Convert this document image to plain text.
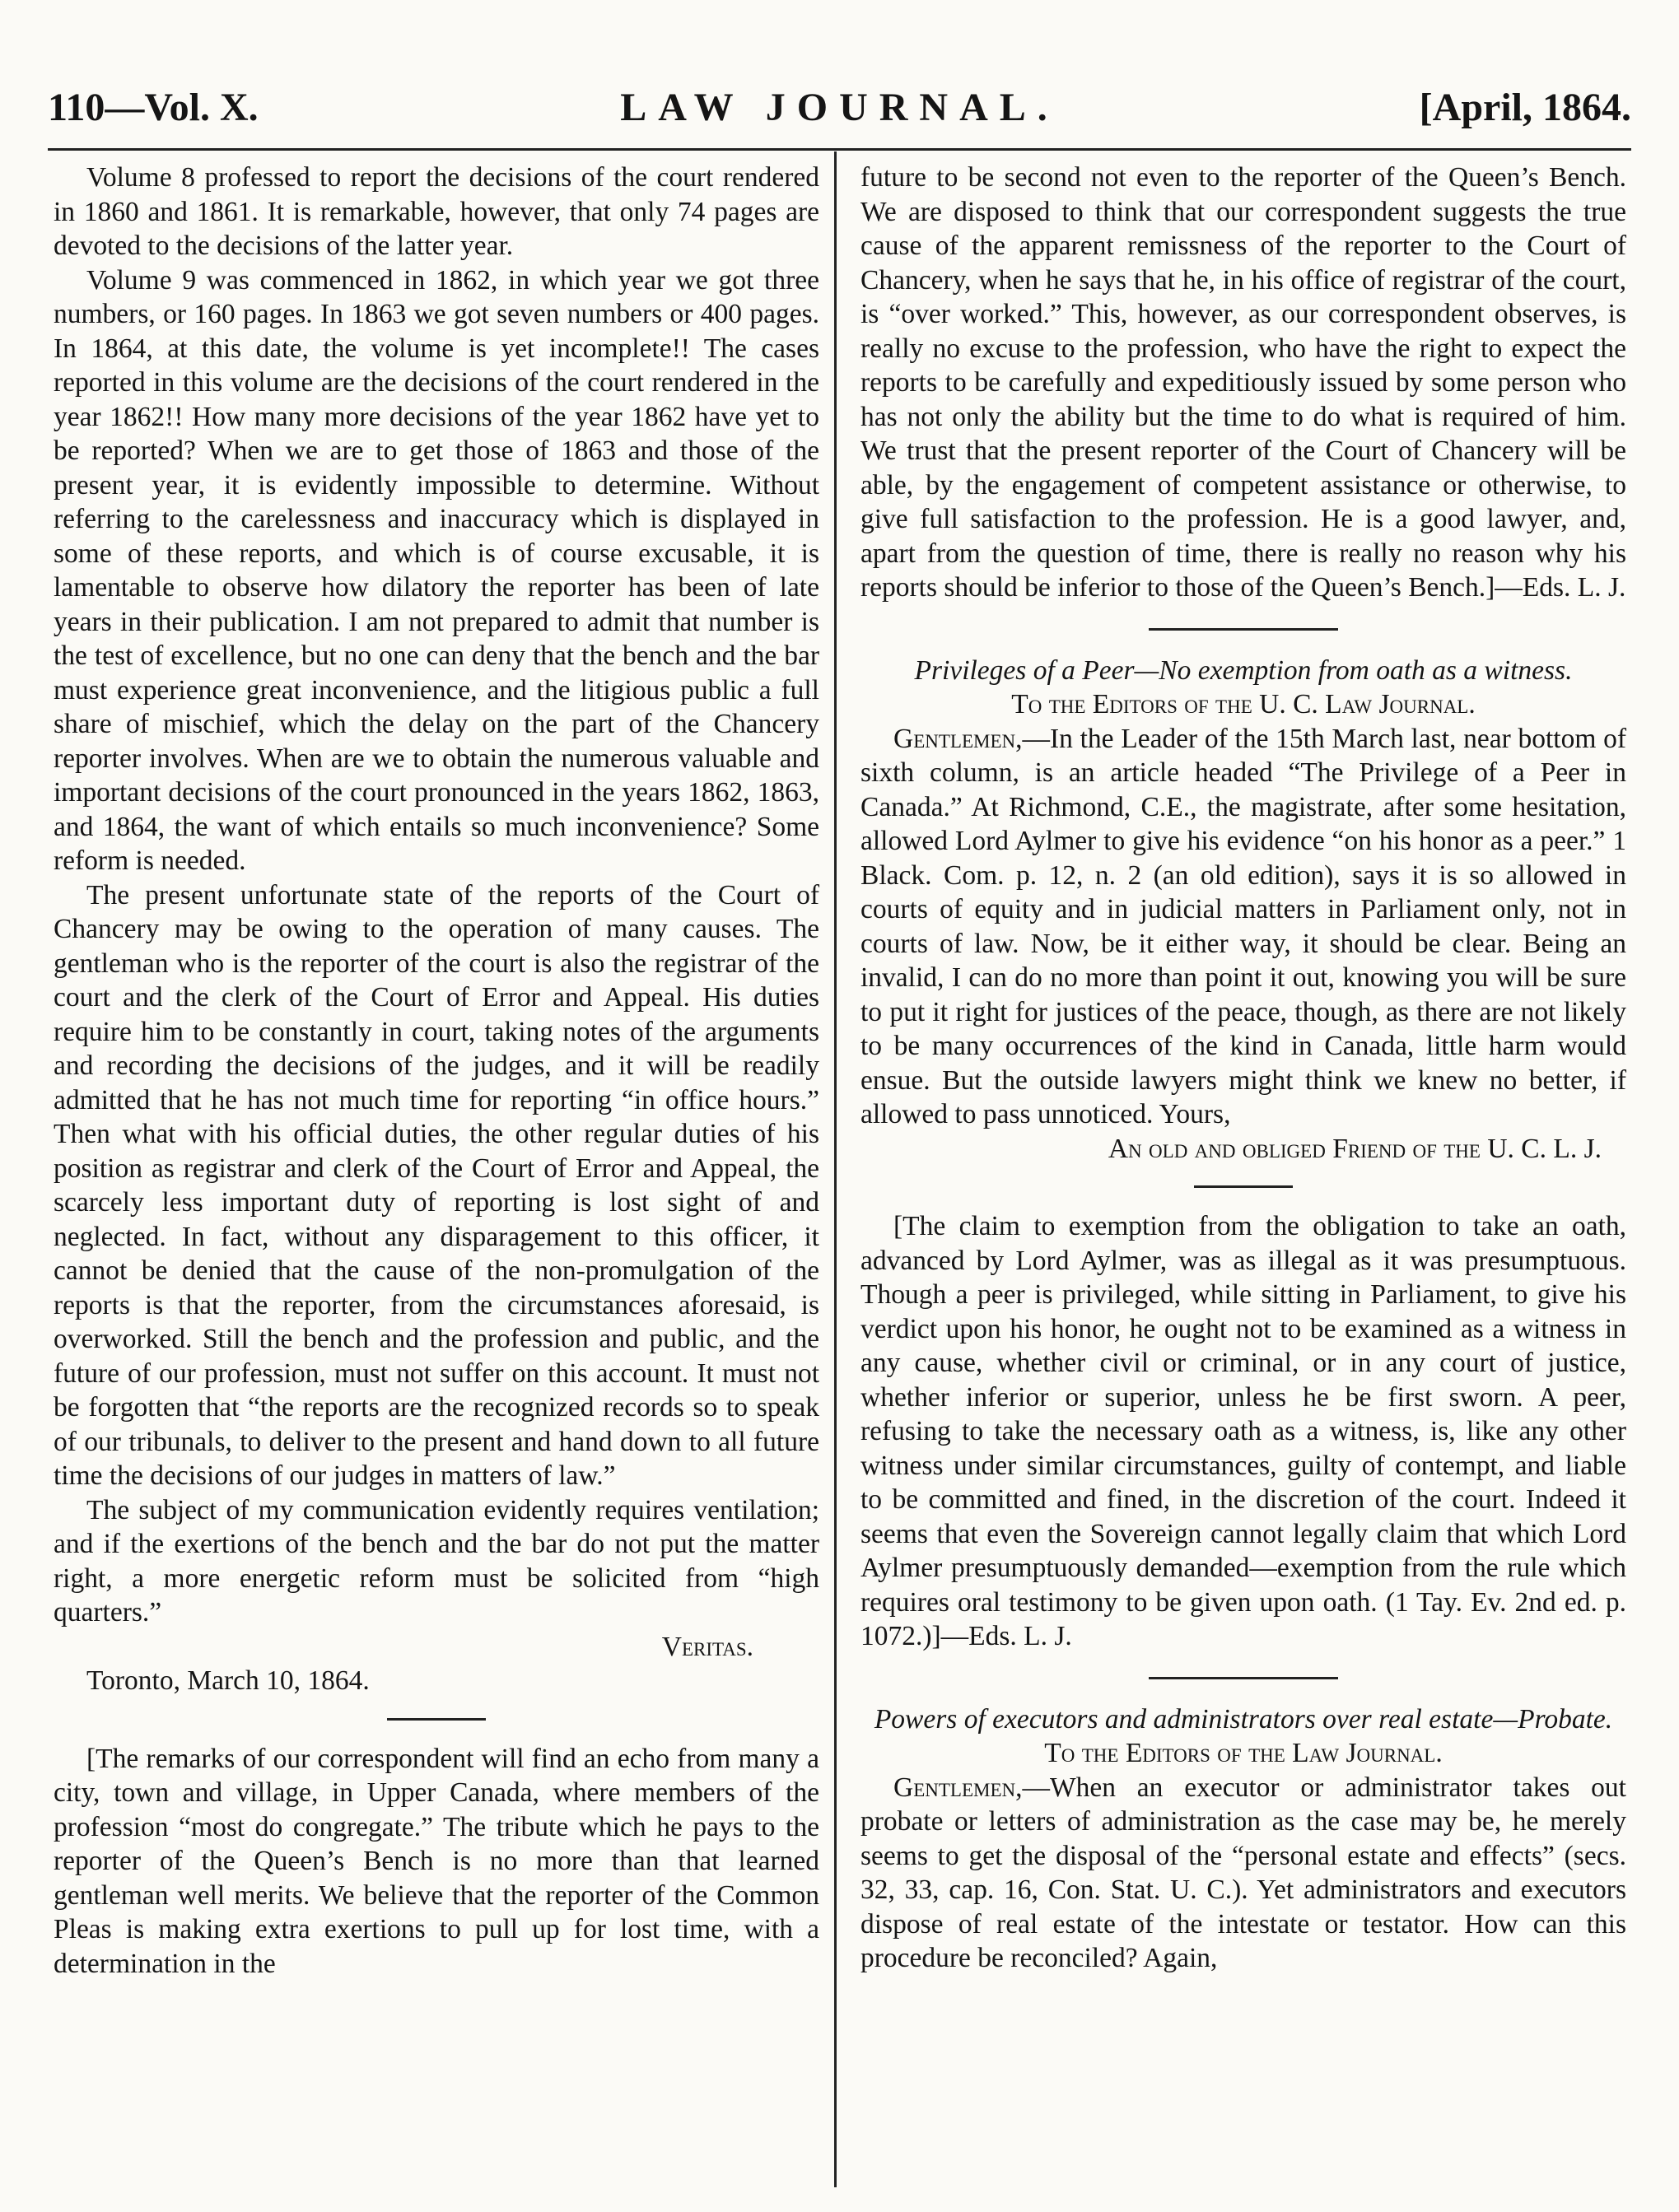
110—Vol. X.	LAW JOURNAL.	[April, 1864.

Volume 8 professed to report the decisions of the court rendered in 1860 and 1861. It is remarkable, however, that only 74 pages are devoted to the decisions of the latter year.

Volume 9 was commenced in 1862, in which year we got three numbers, or 160 pages. In 1863 we got seven numbers or 400 pages. In 1864, at this date, the volume is yet incomplete!! The cases reported in this volume are the decisions of the court rendered in the year 1862!! How many more decisions of the year 1862 have yet to be reported? When we are to get those of 1863 and those of the present year, it is evidently impossible to determine. Without referring to the carelessness and inaccuracy which is displayed in some of these reports, and which is of course excusable, it is lamentable to observe how dilatory the reporter has been of late years in their publication. I am not prepared to admit that number is the test of excellence, but no one can deny that the bench and the bar must experience great inconvenience, and the litigious public a full share of mischief, which the delay on the part of the Chancery reporter involves. When are we to obtain the numerous valuable and important decisions of the court pronounced in the years 1862, 1863, and 1864, the want of which entails so much inconvenience? Some reform is needed.

The present unfortunate state of the reports of the Court of Chancery may be owing to the operation of many causes. The gentleman who is the reporter of the court is also the registrar of the court and the clerk of the Court of Error and Appeal. His duties require him to be constantly in court, taking notes of the arguments and recording the decisions of the judges, and it will be readily admitted that he has not much time for reporting “in office hours.” Then what with his official duties, the other regular duties of his position as registrar and clerk of the Court of Error and Appeal, the scarcely less important duty of reporting is lost sight of and neglected. In fact, without any disparagement to this officer, it cannot be denied that the cause of the non-promulgation of the reports is that the reporter, from the circumstances aforesaid, is overworked. Still the bench and the profession and public, and the future of our profession, must not suffer on this account. It must not be forgotten that “the reports are the recognized records so to speak of our tribunals, to deliver to the present and hand down to all future time the decisions of our judges in matters of law.”

The subject of my communication evidently requires ventilation; and if the exertions of the bench and the bar do not put the matter right, a more energetic reform must be solicited from “high quarters.”

Veritas.

Toronto, March 10, 1864.

[The remarks of our correspondent will find an echo from many a city, town and village, in Upper Canada, where members of the profession “most do congregate.” The tribute which he pays to the reporter of the Queen’s Bench is no more than that learned gentleman well merits. We believe that the reporter of the Common Pleas is making extra exertions to pull up for lost time, with a determination in the

future to be second not even to the reporter of the Queen’s Bench. We are disposed to think that our correspondent suggests the true cause of the apparent remissness of the reporter to the Court of Chancery, when he says that he, in his office of registrar of the court, is “over worked.” This, however, as our correspondent observes, is really no excuse to the profession, who have the right to expect the reports to be carefully and expeditiously issued by some person who has not only the ability but the time to do what is required of him. We trust that the present reporter of the Court of Chancery will be able, by the engagement of competent assistance or otherwise, to give full satisfaction to the profession. He is a good lawyer, and, apart from the question of time, there is really no reason why his reports should be inferior to those of the Queen’s Bench.]—Eds. L. J.

Privileges of a Peer—No exemption from oath as a witness.

To the Editors of the U. C. Law Journal.

Gentlemen,—In the Leader of the 15th March last, near bottom of sixth column, is an article headed “The Privilege of a Peer in Canada.” At Richmond, C.E., the magistrate, after some hesitation, allowed Lord Aylmer to give his evidence “on his honor as a peer.” 1 Black. Com. p. 12, n. 2 (an old edition), says it is so allowed in courts of equity and in judicial matters in Parliament only, not in courts of law. Now, be it either way, it should be clear. Being an invalid, I can do no more than point it out, knowing you will be sure to put it right for justices of the peace, though, as there are not likely to be many occurrences of the kind in Canada, little harm would ensue. But the outside lawyers might think we knew no better, if allowed to pass unnoticed. Yours,

An old and obliged Friend of the U. C. L. J.

[The claim to exemption from the obligation to take an oath, advanced by Lord Aylmer, was as illegal as it was presumptuous. Though a peer is privileged, while sitting in Parliament, to give his verdict upon his honor, he ought not to be examined as a witness in any cause, whether civil or criminal, or in any court of justice, whether inferior or superior, unless he be first sworn. A peer, refusing to take the necessary oath as a witness, is, like any other witness under similar circumstances, guilty of contempt, and liable to be committed and fined, in the discretion of the court. Indeed it seems that even the Sovereign cannot legally claim that which Lord Aylmer presumptuously demanded—exemption from the rule which requires oral testimony to be given upon oath. (1 Tay. Ev. 2nd ed. p. 1072.)]—Eds. L. J.

Powers of executors and administrators over real estate—Probate.

To the Editors of the Law Journal.

Gentlemen,—When an executor or administrator takes out probate or letters of administration as the case may be, he merely seems to get the disposal of the “personal estate and effects” (secs. 32, 33, cap. 16, Con. Stat. U. C.). Yet administrators and executors dispose of real estate of the intestate or testator. How can this procedure be reconciled? Again,
